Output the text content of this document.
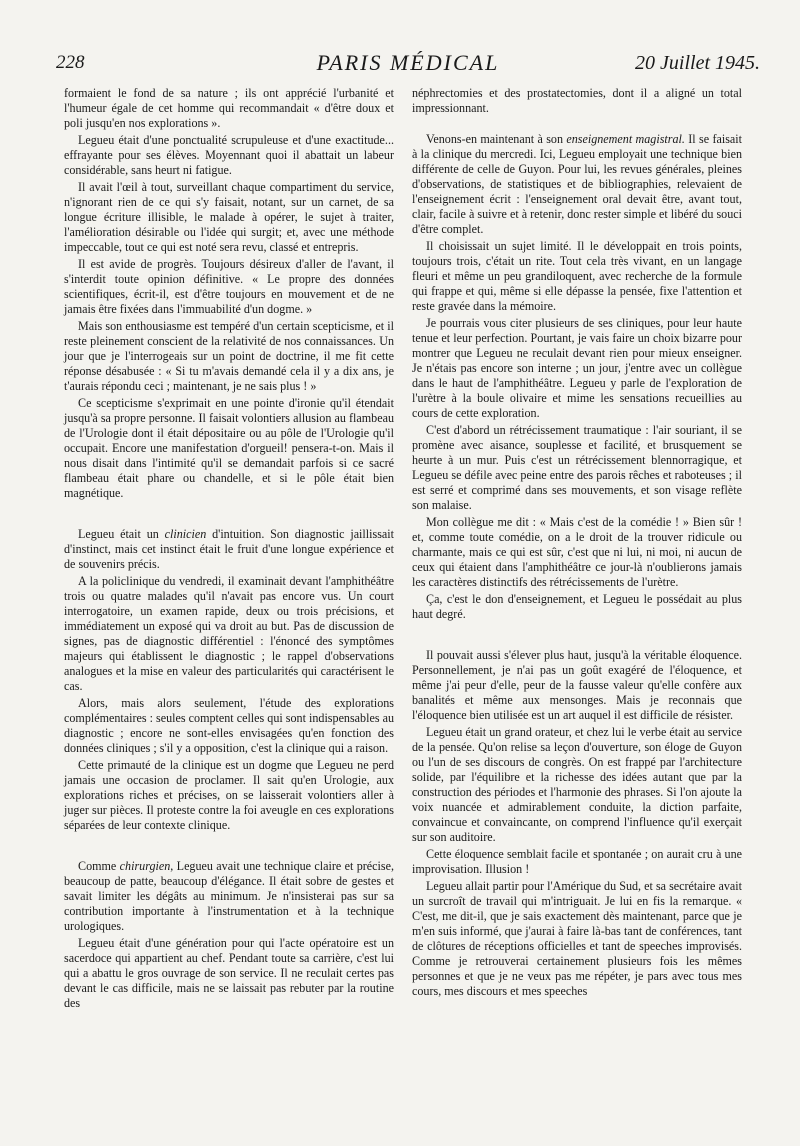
228	PARIS MÉDICAL	20 Juillet 1945.

formaient le fond de sa nature ; ils ont apprécié l'urbanité et l'humeur égale de cet homme qui recommandait « d'être doux et poli jusqu'en nos explorations ».

Legueu était d'une ponctualité scrupuleuse et d'une exactitude... effrayante pour ses élèves. Moyennant quoi il abattait un labeur considérable, sans heurt ni fatigue.

Il avait l'œil à tout, surveillant chaque compartiment du service, n'ignorant rien de ce qui s'y faisait, notant, sur un carnet, de sa longue écriture illisible, le malade à opérer, le sujet à traiter, l'amélioration désirable ou l'idée qui surgit; et, avec une méthode impeccable, tout ce qui est noté sera revu, classé et entrepris.

Il est avide de progrès. Toujours désireux d'aller de l'avant, il s'interdit toute opinion définitive. « Le propre des données scientifiques, écrit-il, est d'être toujours en mouvement et de ne jamais être fixées dans l'immuabilité d'un dogme. »

Mais son enthousiasme est tempéré d'un certain scepticisme, et il reste pleinement conscient de la relativité de nos connaissances. Un jour que je l'interrogeais sur un point de doctrine, il me fit cette réponse désabusée : « Si tu m'avais demandé cela il y a dix ans, je t'aurais répondu ceci ; maintenant, je ne sais plus ! »

Ce scepticisme s'exprimait en une pointe d'ironie qu'il étendait jusqu'à sa propre personne. Il faisait volontiers allusion au flambeau de l'Urologie dont il était dépositaire ou au pôle de l'Urologie qu'il occupait. Encore une manifestation d'orgueil! pensera-t-on. Mais il nous disait dans l'intimité qu'il se demandait parfois si ce sacré flambeau était phare ou chandelle, et si le pôle était bien magnétique.

Legueu était un clinicien d'intuition. Son diagnostic jaillissait d'instinct, mais cet instinct était le fruit d'une longue expérience et de souvenirs précis.

A la policlinique du vendredi, il examinait devant l'amphithéâtre trois ou quatre malades qu'il n'avait pas encore vus. Un court interrogatoire, un examen rapide, deux ou trois précisions, et immédiatement un exposé qui va droit au but. Pas de discussion de signes, pas de diagnostic différentiel : l'énoncé des symptômes majeurs qui établissent le diagnostic ; le rappel d'observations analogues et la mise en valeur des particularités qui caractérisent le cas.

Alors, mais alors seulement, l'étude des explorations complémentaires : seules comptent celles qui sont indispensables au diagnostic ; encore ne sont-elles envisagées qu'en fonction des données cliniques ; s'il y a opposition, c'est la clinique qui a raison.

Cette primauté de la clinique est un dogme que Legueu ne perd jamais une occasion de proclamer. Il sait qu'en Urologie, aux explorations riches et précises, on se laisserait volontiers aller à juger sur pièces. Il proteste contre la foi aveugle en ces explorations séparées de leur contexte clinique.

Comme chirurgien, Legueu avait une technique claire et précise, beaucoup de patte, beaucoup d'élégance. Il était sobre de gestes et savait limiter les dégâts au minimum. Je n'insisterai pas sur sa contribution importante à l'instrumentation et à la technique urologiques.

Legueu était d'une génération pour qui l'acte opératoire est un sacerdoce qui appartient au chef. Pendant toute sa carrière, c'est lui qui a abattu le gros ouvrage de son service. Il ne reculait certes pas devant le cas difficile, mais ne se laissait pas rebuter par la routine des

néphrectomies et des prostatectomies, dont il a aligné un total impressionnant.

Venons-en maintenant à son enseignement magistral. Il se faisait à la clinique du mercredi. Ici, Legueu employait une technique bien différente de celle de Guyon. Pour lui, les revues générales, pleines d'observations, de statistiques et de bibliographies, relevaient de l'enseignement écrit : l'enseignement oral devait être, avant tout, clair, facile à suivre et à retenir, donc rester simple et libéré du souci d'être complet.

Il choisissait un sujet limité. Il le développait en trois points, toujours trois, c'était un rite. Tout cela très vivant, en un langage fleuri et même un peu grandiloquent, avec recherche de la formule qui frappe et qui, même si elle dépasse la pensée, fixe l'attention et reste gravée dans la mémoire.

Je pourrais vous citer plusieurs de ses cliniques, pour leur haute tenue et leur perfection. Pourtant, je vais faire un choix bizarre pour montrer que Legueu ne reculait devant rien pour mieux enseigner. Je n'étais pas encore son interne ; un jour, j'entre avec un collègue dans le haut de l'amphithéâtre. Legueu y parle de l'exploration de l'urètre à la boule olivaire et mime les sensations recueillies au cours de cette exploration.

C'est d'abord un rétrécissement traumatique : l'air souriant, il se promène avec aisance, souplesse et facilité, et brusquement se heurte à un mur. Puis c'est un rétrécissement blennorragique, et Legueu se défile avec peine entre des parois rêches et raboteuses ; il est serré et comprimé dans ses mouvements, et son visage reflète son malaise.

Mon collègue me dit : « Mais c'est de la comédie ! » Bien sûr ! et, comme toute comédie, on a le droit de la trouver ridicule ou charmante, mais ce qui est sûr, c'est que ni lui, ni moi, ni aucun de ceux qui étaient dans l'amphithéâtre ce jour-là n'oublierons jamais les caractères distinctifs des rétrécissements de l'urètre.

Ça, c'est le don d'enseignement, et Legueu le possédait au plus haut degré.

Il pouvait aussi s'élever plus haut, jusqu'à la véritable éloquence. Personnellement, je n'ai pas un goût exagéré de l'éloquence, et même j'ai peur d'elle, peur de la fausse valeur qu'elle confère aux banalités et même aux mensonges. Mais je reconnais que l'éloquence bien utilisée est un art auquel il est difficile de résister.

Legueu était un grand orateur, et chez lui le verbe était au service de la pensée. Qu'on relise sa leçon d'ouverture, son éloge de Guyon ou l'un de ses discours de congrès. On est frappé par l'architecture solide, par l'équilibre et la richesse des idées autant que par la construction des périodes et l'harmonie des phrases. Si l'on ajoute la voix nuancée et admirablement conduite, la diction parfaite, convaincue et convaincante, on comprend l'influence qu'il exerçait sur son auditoire.

Cette éloquence semblait facile et spontanée ; on aurait cru à une improvisation. Illusion !

Legueu allait partir pour l'Amérique du Sud, et sa secrétaire avait un surcroît de travail qui m'intriguait. Je lui en fis la remarque. « C'est, me dit-il, que je sais exactement dès maintenant, parce que je m'en suis informé, que j'aurai à faire là-bas tant de conférences, tant de clôtures de réceptions officielles et tant de speeches improvisés. Comme je retrouverai certainement plusieurs fois les mêmes personnes et que je ne veux pas me répéter, je pars avec tous mes cours, mes discours et mes speeches
